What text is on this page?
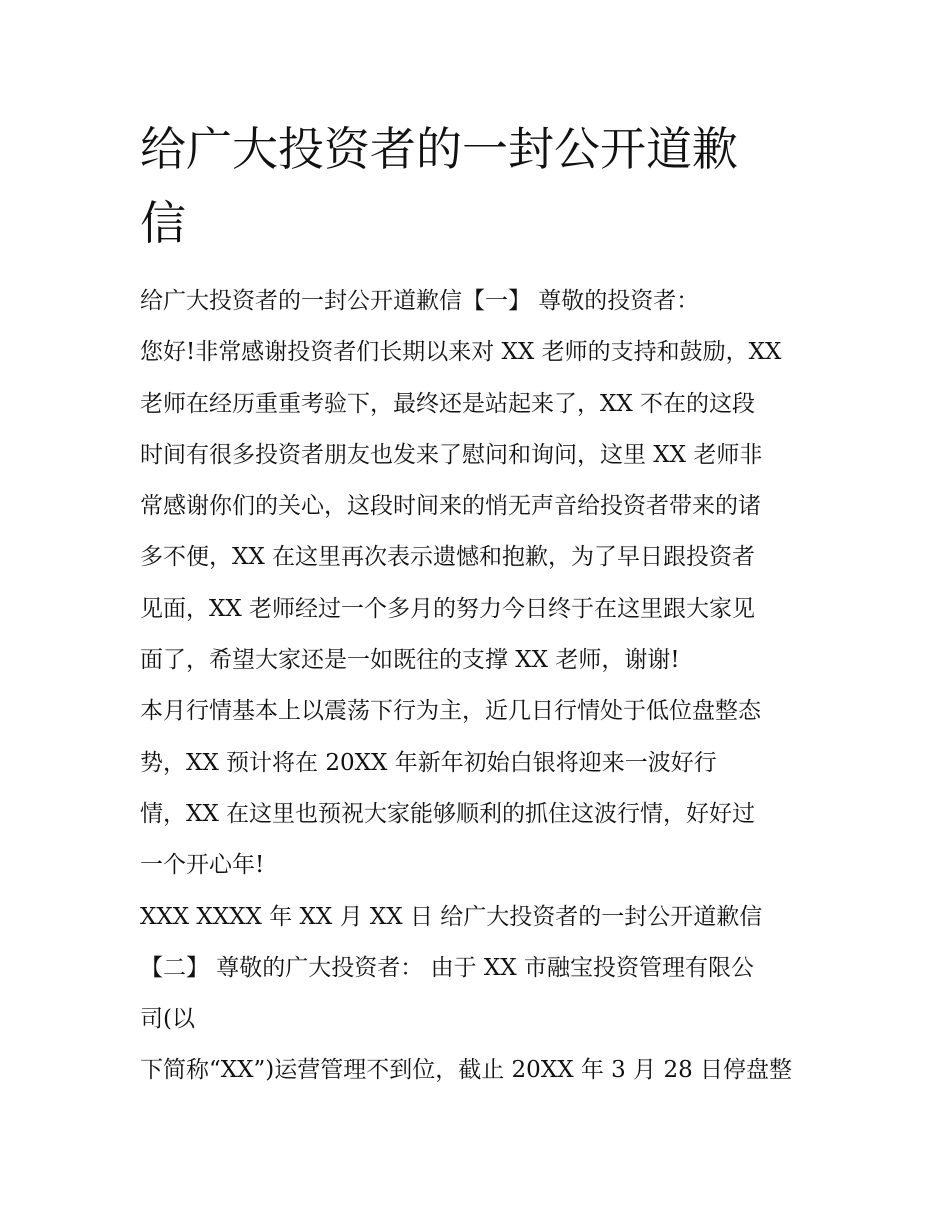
给广大投资者的一封公开道歉
信
给广大投资者的一封公开道歉信【一】 尊敬的投资者：
您好!非常感谢投资者们长期以来对 XX 老师的支持和鼓励，XX
老师在经历重重考验下，最终还是站起来了，XX 不在的这段
时间有很多投资者朋友也发来了慰问和询问，这里 XX 老师非
常感谢你们的关心，这段时间来的悄无声音给投资者带来的诸
多不便，XX 在这里再次表示遗憾和抱歉，为了早日跟投资者
见面，XX 老师经过一个多月的努力今日终于在这里跟大家见
面了，希望大家还是一如既往的支撑 XX 老师，谢谢!
本月行情基本上以震荡下行为主，近几日行情处于低位盘整态
势，XX 预计将在 20XX 年新年初始白银将迎来一波好行
情，XX 在这里也预祝大家能够顺利的抓住这波行情，好好过
一个开心年!
XXX XXXX 年 XX 月 XX 日 给广大投资者的一封公开道歉信
【二】 尊敬的广大投资者： 由于 XX 市融宝投资管理有限公
司(以
下简称“XX”)运营管理不到位，截止 20XX 年 3 月 28 日停盘整
